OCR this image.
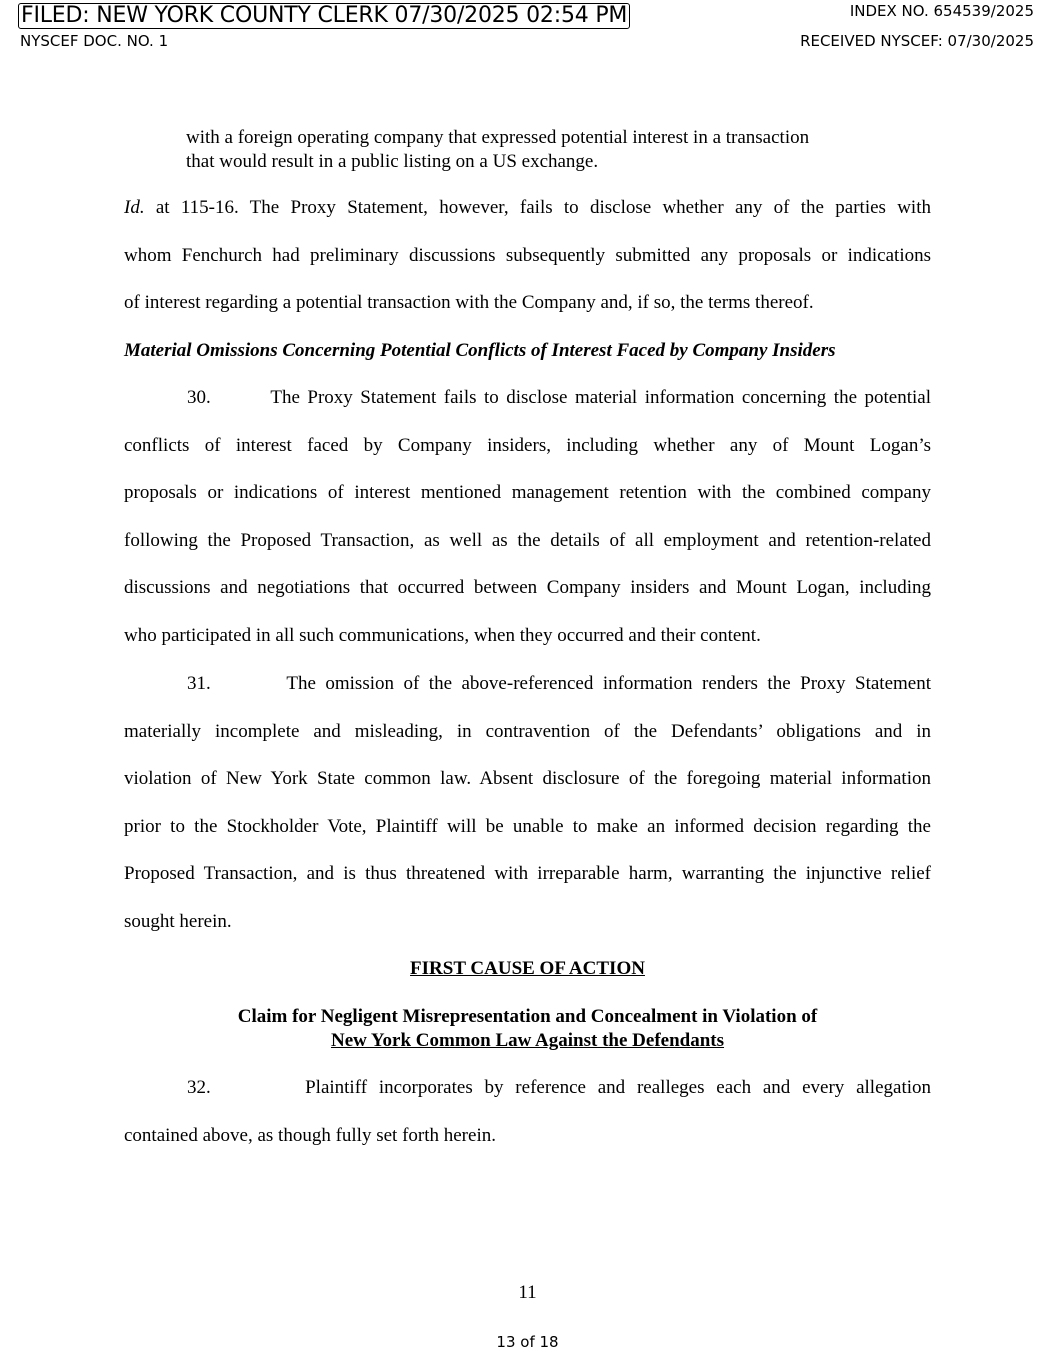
FILED: NEW YORK COUNTY CLERK 07/30/2025 02:54 PM	INDEX NO. 654539/2025
NYSCEF DOC. NO. 1	RECEIVED NYSCEF: 07/30/2025
with a foreign operating company that expressed potential interest in a transaction
that would result in a public listing on a US exchange.
Id. at 115-16. The Proxy Statement, however, fails to disclose whether any of the parties with
whom Fenchurch had preliminary discussions subsequently submitted any proposals or indications
of interest regarding a potential transaction with the Company and, if so, the terms thereof.
Material Omissions Concerning Potential Conflicts of Interest Faced by Company Insiders
30.        The Proxy Statement fails to disclose material information concerning the potential
conflicts of interest faced by Company insiders, including whether any of Mount Logan’s
proposals or indications of interest mentioned management retention with the combined company
following the Proposed Transaction, as well as the details of all employment and retention-related
discussions and negotiations that occurred between Company insiders and Mount Logan, including
who participated in all such communications, when they occurred and their content.
31.        The omission of the above-referenced information renders the Proxy Statement
materially incomplete and misleading, in contravention of the Defendants’ obligations and in
violation of New York State common law. Absent disclosure of the foregoing material information
prior to the Stockholder Vote, Plaintiff will be unable to make an informed decision regarding the
Proposed Transaction, and is thus threatened with irreparable harm, warranting the injunctive relief
sought herein.
FIRST CAUSE OF ACTION
Claim for Negligent Misrepresentation and Concealment in Violation of
New York Common Law Against the Defendants
32.        Plaintiff incorporates by reference and realleges each and every allegation
contained above, as though fully set forth herein.
11
13 of 18
